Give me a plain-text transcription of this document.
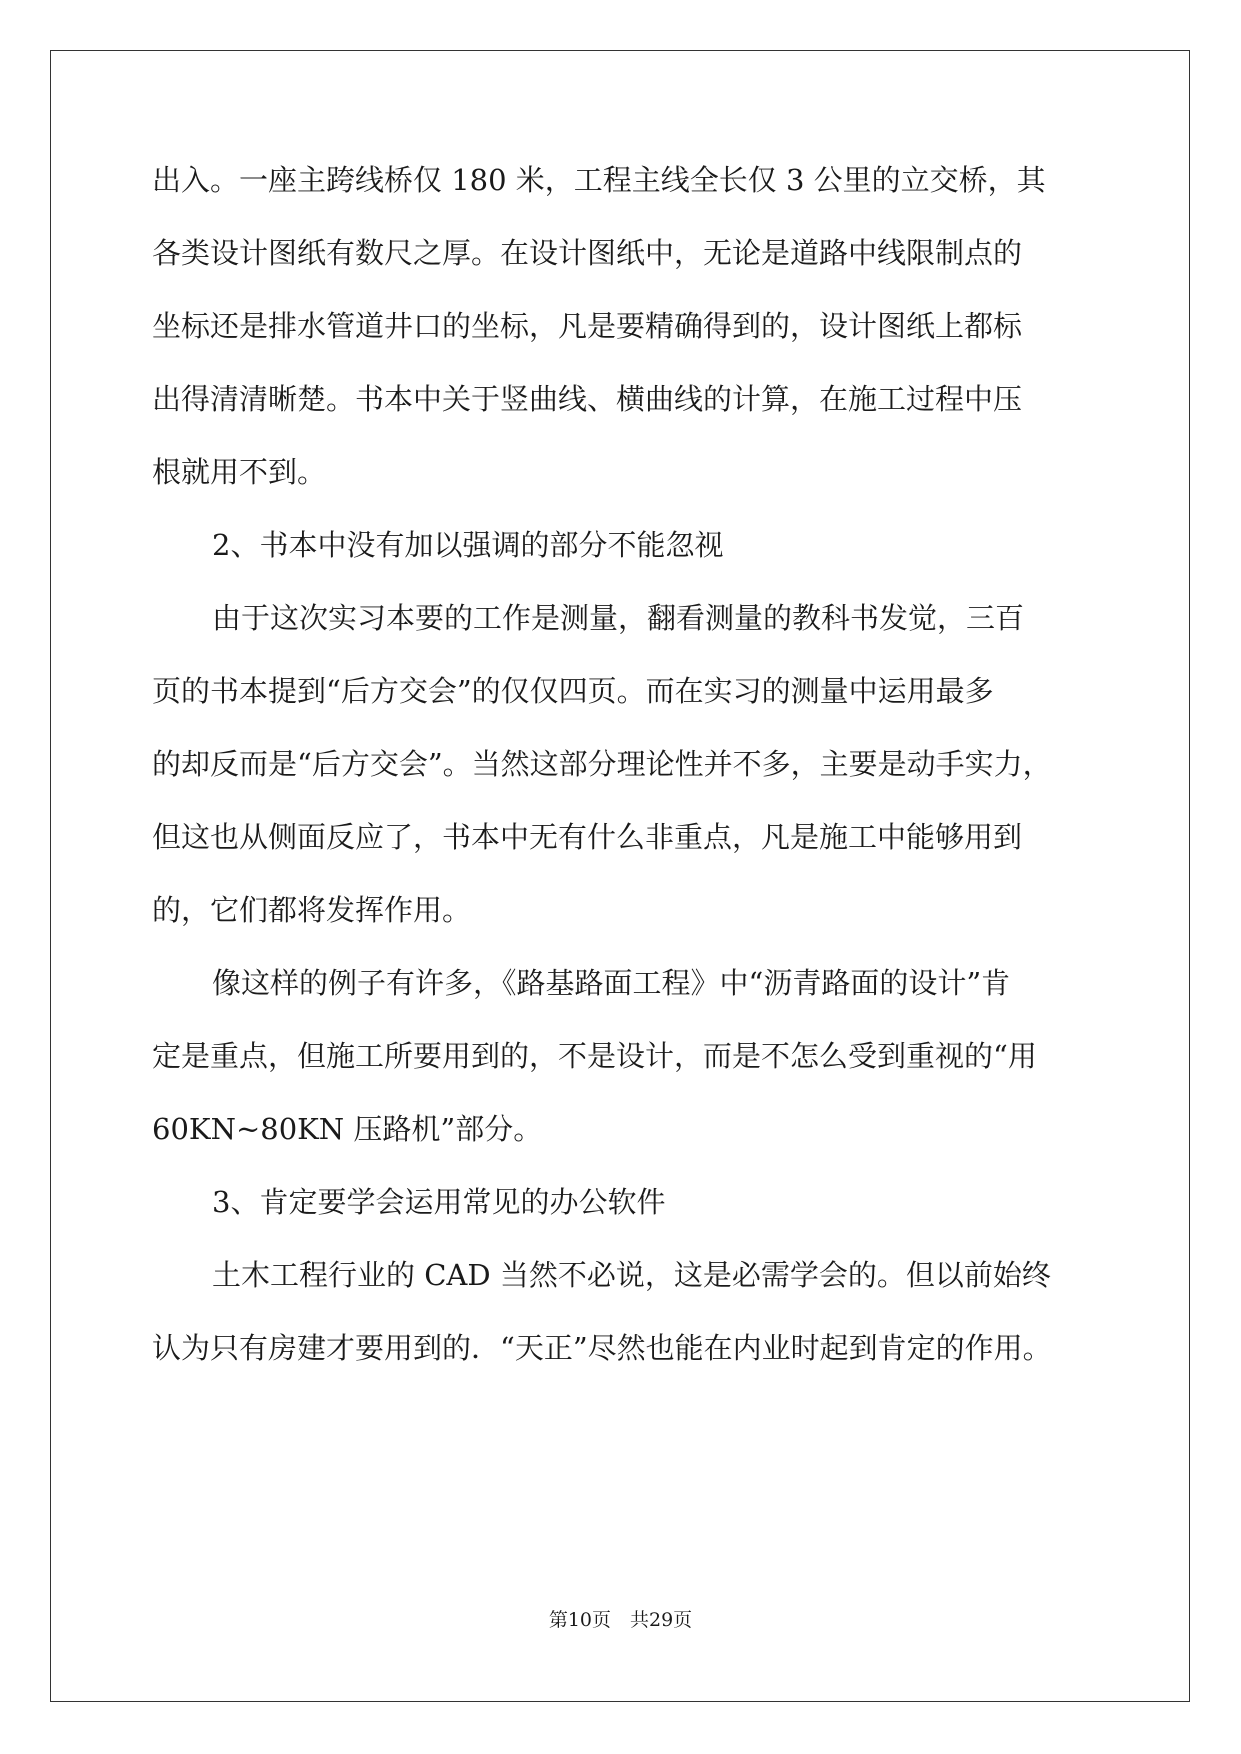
出入。一座主跨线桥仅 180 米，工程主线全长仅 3 公里的立交桥，其
各类设计图纸有数尺之厚。在设计图纸中，无论是道路中线限制点的
坐标还是排水管道井口的坐标，凡是要精确得到的，设计图纸上都标
出得清清晰楚。书本中关于竖曲线、横曲线的计算，在施工过程中压
根就用不到。
2、书本中没有加以强调的部分不能忽视
由于这次实习本要的工作是测量，翻看测量的教科书发觉，三百
页的书本提到“后方交会”的仅仅四页。而在实习的测量中运用最多
的却反而是“后方交会”。当然这部分理论性并不多，主要是动手实力，
但这也从侧面反应了，书本中无有什么非重点，凡是施工中能够用到
的，它们都将发挥作用。
像这样的例子有许多，《路基路面工程》中“沥青路面的设计”肯
定是重点，但施工所要用到的，不是设计，而是不怎么受到重视的“用
60KN~80KN 压路机”部分。
3、肯定要学会运用常见的办公软件
土木工程行业的 CAD 当然不必说，这是必需学会的。但以前始终
认为只有房建才要用到的．“天正”尽然也能在内业时起到肯定的作用。
第10页　共29页
